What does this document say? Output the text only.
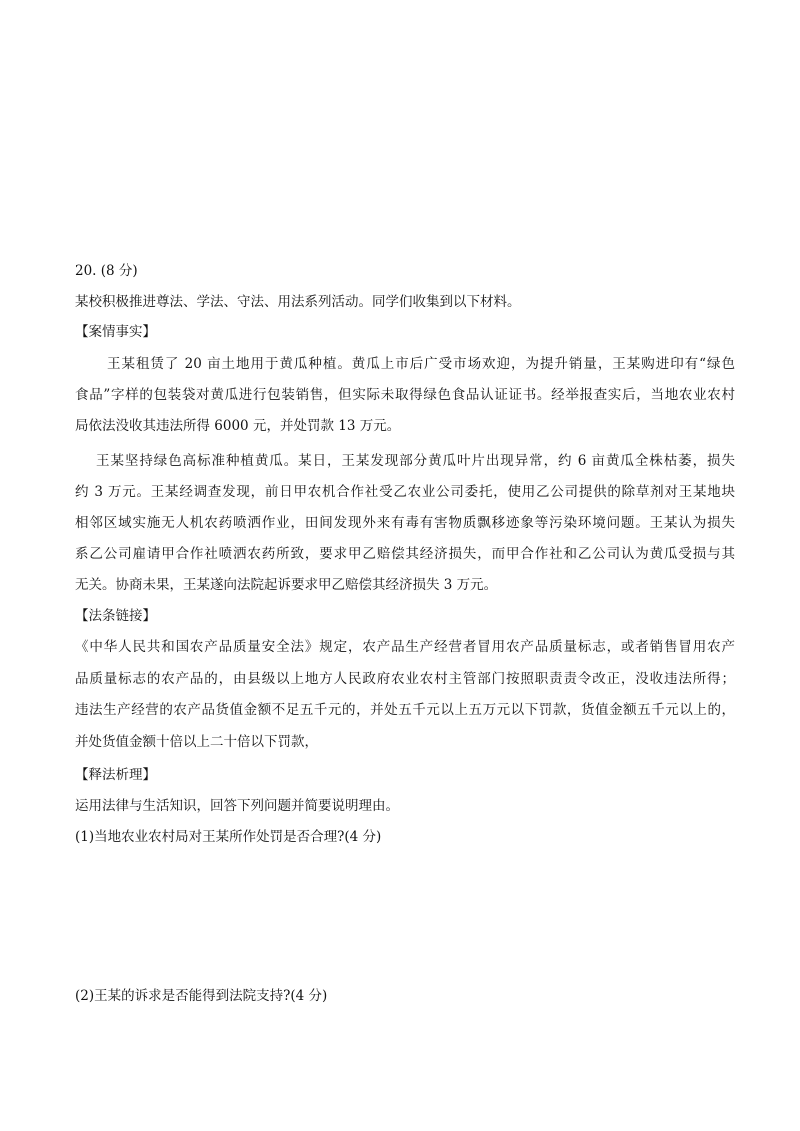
20. (8 分)
某校积极推进尊法、学法、守法、用法系列活动。同学们收集到以下材料。
【案情事实】
王某租赁了 20 亩土地用于黄瓜种植。黄瓜上市后广受市场欢迎，为提升销量，王某购进印有“绿色
食品”字样的包装袋对黄瓜进行包装销售，但实际未取得绿色食品认证证书。经举报查实后，当地农业农村
局依法没收其违法所得 6000 元，并处罚款 13 万元。
王某坚持绿色高标准种植黄瓜。某日，王某发现部分黄瓜叶片出现异常，约 6 亩黄瓜全株枯萎，损失
约 3 万元。王某经调查发现，前日甲农机合作社受乙农业公司委托，使用乙公司提供的除草剂对王某地块
相邻区域实施无人机农药喷洒作业，田间发现外来有毒有害物质飘移迹象等污染环境问题。王某认为损失
系乙公司雇请甲合作社喷洒农药所致，要求甲乙赔偿其经济损失，而甲合作社和乙公司认为黄瓜受损与其
无关。协商未果，王某遂向法院起诉要求甲乙赔偿其经济损失 3 万元。
【法条链接】
《中华人民共和国农产品质量安全法》规定，农产品生产经营者冒用农产品质量标志，或者销售冒用农产
品质量标志的农产品的，由县级以上地方人民政府农业农村主管部门按照职责责令改正，没收违法所得；
违法生产经营的农产品货值金额不足五千元的，并处五千元以上五万元以下罚款，货值金额五千元以上的，
并处货值金额十倍以上二十倍以下罚款，
【释法析理】
运用法律与生活知识，回答下列问题并简要说明理由。
(1)当地农业农村局对王某所作处罚是否合理?(4 分)
(2)王某的诉求是否能得到法院支持?(4 分)
